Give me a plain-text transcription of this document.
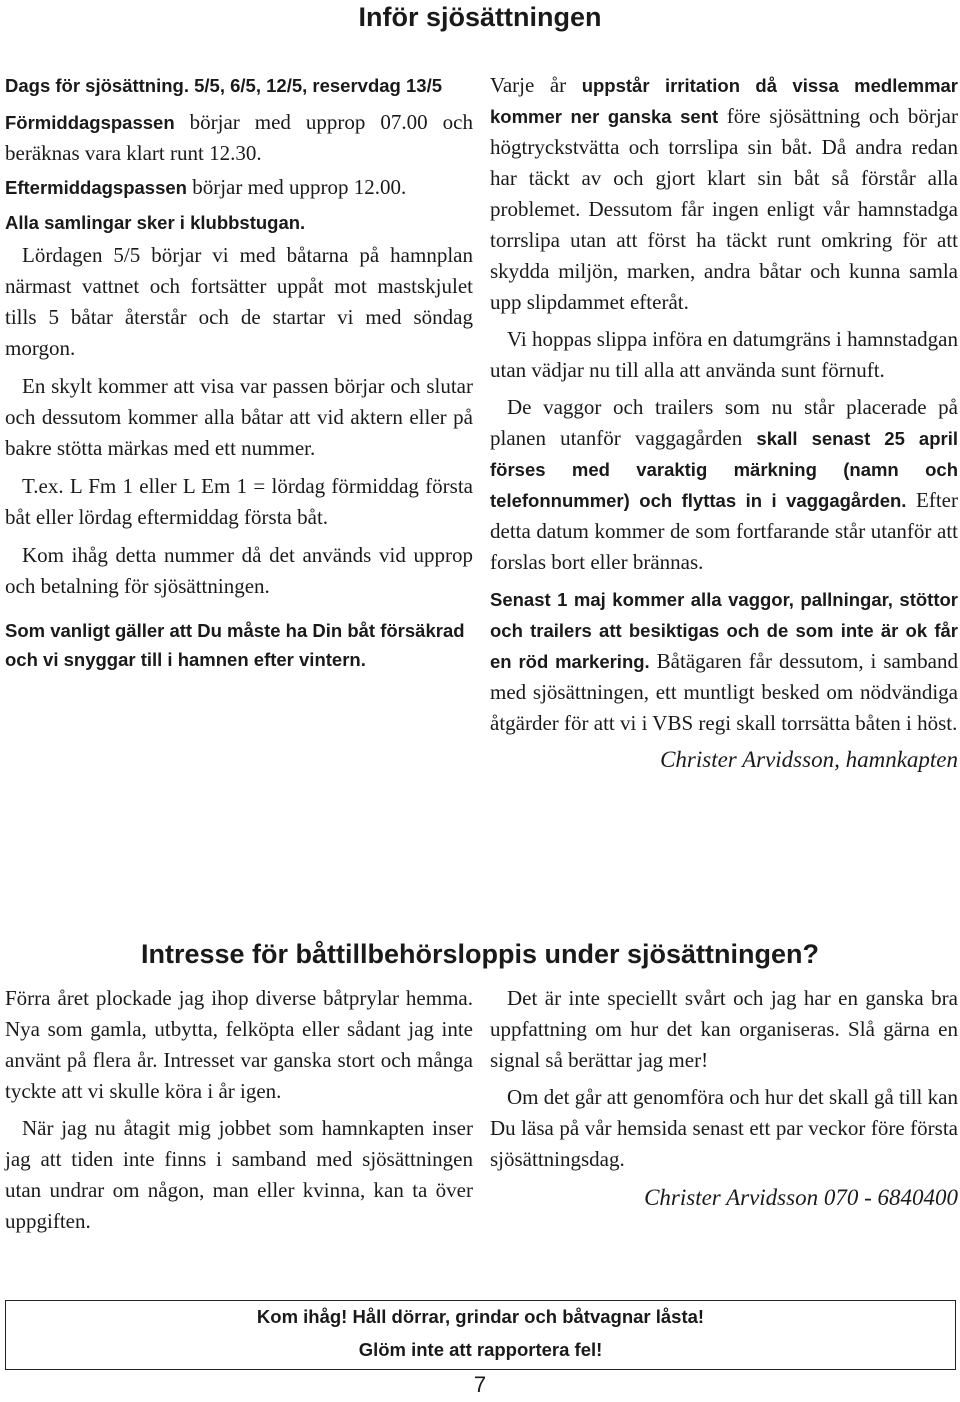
Inför sjösättningen

Dags för sjösättning. 5/5, 6/5, 12/5, reservdag 13/5

Förmiddagspassen börjar med upprop 07.00 och beräknas vara klart runt 12.30.

Eftermiddagspassen börjar med upprop 12.00.

Alla samlingar sker i klubbstugan.

Lördagen 5/5 börjar vi med båtarna på hamnplan närmast vattnet och fortsätter uppåt mot mastskjulet tills 5 båtar återstår och de startar vi med söndag morgon.

En skylt kommer att visa var passen börjar och slutar och dessutom kommer alla båtar att vid aktern eller på bakre stötta märkas med ett nummer.

T.ex. L Fm 1 eller L Em 1 = lördag förmiddag första båt eller lördag eftermiddag första båt.

Kom ihåg detta nummer då det används vid upprop och betalning för sjösättningen.

Som vanligt gäller att Du måste ha Din båt försäkrad och vi snyggar till i hamnen efter vintern.

Varje år uppstår irritation då vissa medlemmar kommer ner ganska sent före sjösättning och börjar högtryckstvätta och torrslipa sin båt. Då andra redan har täckt av och gjort klart sin båt så förstår alla problemet. Dessutom får ingen enligt vår hamnstadga torrslipa utan att först ha täckt runt omkring för att skydda miljön, marken, andra båtar och kunna samla upp slipdammet efteråt.

Vi hoppas slippa införa en datumgräns i hamnstadgan utan vädjar nu till alla att använda sunt förnuft.

De vaggor och trailers som nu står placerade på planen utanför vaggagården skall senast 25 april förses med varaktig märkning (namn och telefonnummer) och flyttas in i vaggagården. Efter detta datum kommer de som fortfarande står utanför att forslas bort eller brännas.

Senast 1 maj kommer alla vaggor, pallningar, stöttor och trailers att besiktigas och de som inte är ok får en röd markering. Båtägaren får dessutom, i samband med sjösättningen, ett muntligt besked om nödvändiga åtgärder för att vi i VBS regi skall torrsätta båten i höst.

Christer Arvidsson, hamnkapten

Intresse för båttillbehörsloppis under sjösättningen?

Förra året plockade jag ihop diverse båtprylar hemma. Nya som gamla, utbytta, felköpta eller sådant jag inte använt på flera år. Intresset var ganska stort och många tyckte att vi skulle köra i år igen.

När jag nu åtagit mig jobbet som hamnkapten inser jag att tiden inte finns i samband med sjösättningen utan undrar om någon, man eller kvinna, kan ta över uppgiften.

Det är inte speciellt svårt och jag har en ganska bra uppfattning om hur det kan organiseras. Slå gärna en signal så berättar jag mer!

Om det går att genomföra och hur det skall gå till kan Du läsa på vår hemsida senast ett par veckor före första sjösättningsdag.

Christer Arvidsson 070 - 6840400

Kom ihåg! Håll dörrar, grindar och båtvagnar låsta!
Glöm inte att rapportera fel!
7
